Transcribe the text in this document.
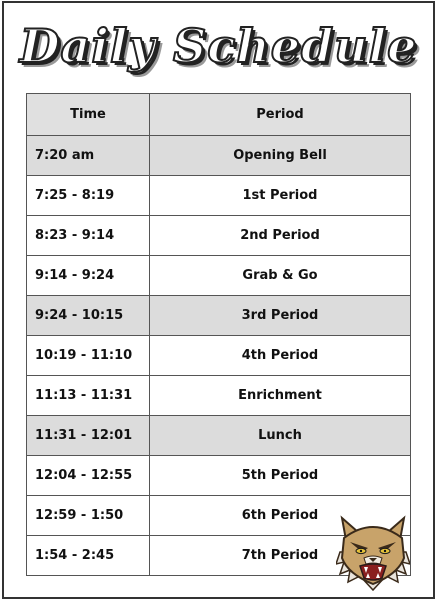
Daily Schedule
Time	Period
7:20 am	Opening Bell
7:25 - 8:19	1st Period
8:23 - 9:14	2nd Period
9:14 - 9:24	Grab & Go
9:24 - 10:15	3rd Period
10:19 - 11:10	4th Period
11:13 - 11:31	Enrichment
11:31 - 12:01	Lunch
12:04 - 12:55	5th Period
12:59 - 1:50	6th Period
1:54 - 2:45	7th Period
